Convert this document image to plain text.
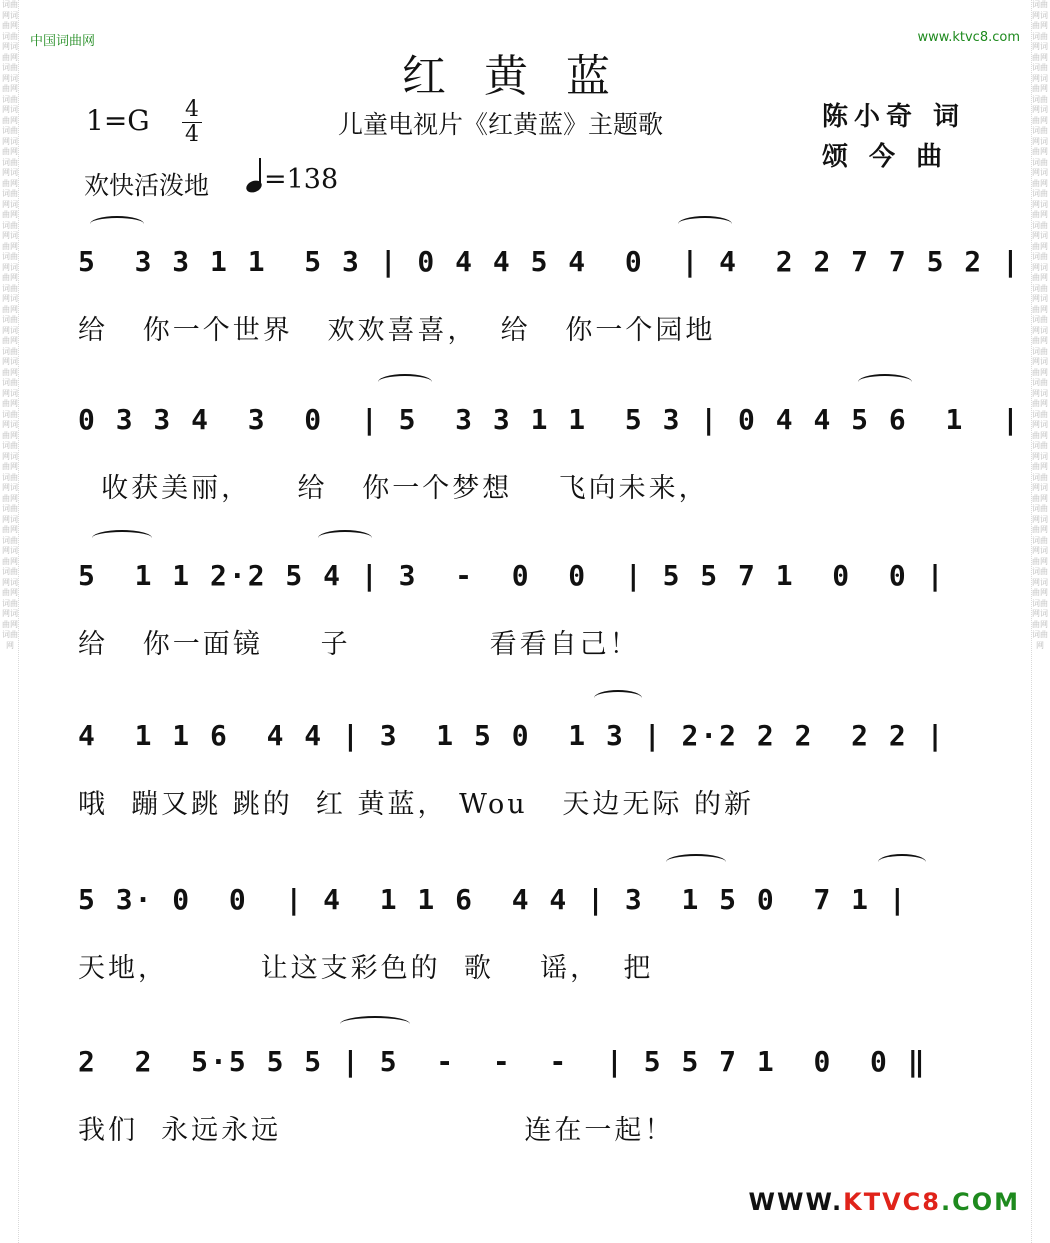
词曲网词曲网词曲网词曲网词曲网词曲网词曲网词曲网词曲网词曲网词曲网词曲网词曲网词曲网词曲网词曲网词曲网词曲网词曲网词曲网词曲网词曲网词曲网词曲网词曲网词曲网词曲网词曲网词曲网词曲网词曲网词曲网词曲网词曲网词曲网词曲网词曲网词曲网词曲网词曲网词曲网
词曲网词曲网词曲网词曲网词曲网词曲网词曲网词曲网词曲网词曲网词曲网词曲网词曲网词曲网词曲网词曲网词曲网词曲网词曲网词曲网词曲网词曲网词曲网词曲网词曲网词曲网词曲网词曲网词曲网词曲网词曲网词曲网词曲网词曲网词曲网词曲网词曲网词曲网词曲网词曲网词曲网
中国词曲网	www.ktvc8.com
红黄蓝
1=G 4
4	儿童电视片《红黄蓝》主题歌	陈小奇 词
颂 今 曲
欢快活泼地	=138
5  3 3 1 1  5 3 | 0 4 4 5 4  0  | 4  2 2 7 7 5 2 |
给   你一个世界   欢欢喜喜，  给   你一个园地
0 3 3 4  3  0  | 5  3 3 1 1  5 3 | 0 4 4 5 6  1  |
收获美丽，    给   你一个梦想    飞向未来，
5  1 1 2·2 5 4 | 3  -  0  0  | 5 5 7 1  0  0 |
给   你一面镜     子            看看自己！
4  1 1 6  4 4 | 3  1 5 0  1 3 | 2·2 2 2  2 2 |
哦  蹦又跳 跳的  红 黄蓝， Wou   天边无际 的新
5 3· 0  0  | 4  1 1 6  4 4 | 3  1 5 0  7 1 |
天地，        让这支彩色的  歌    谣，  把
2  2  5·5 5 5 | 5  -  -  -  | 5 5 7 1  0  0 ‖
我们  永远永远                     连在一起！
WWW.KTVC8.COM
